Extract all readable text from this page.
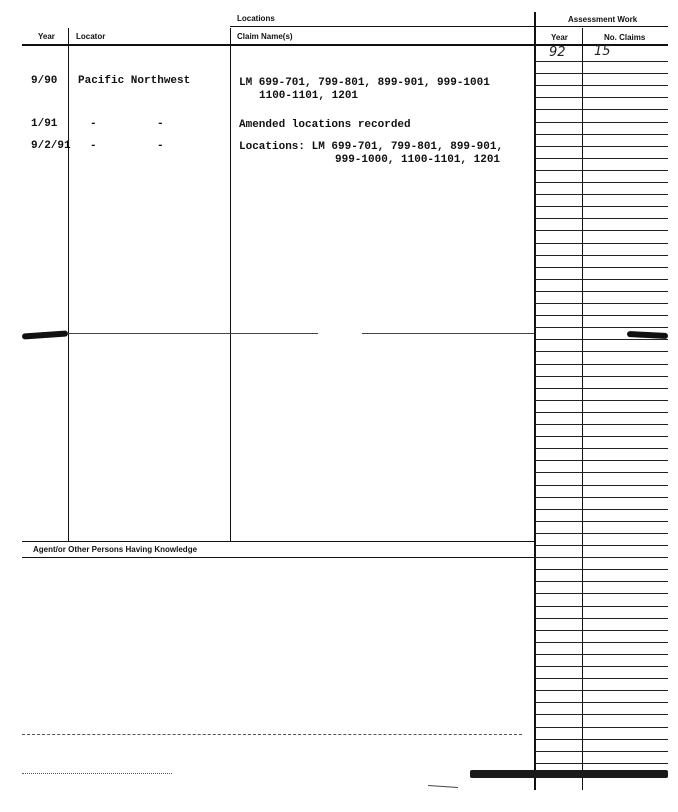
Locations	Assessment Work
Year	Locator	Claim Name(s)	Year	No. Claims
92 15
9/90 Pacific Northwest	LM 699-701, 799-801, 899-901, 999-1001
1100-1101, 1201
1/91	-	-	Amended locations recorded
9/2/91 -	-	Locations: LM 699-701, 799-801, 899-901,
999-1000, 1100-1101, 1201
Agent/or Other Persons Having Knowledge
